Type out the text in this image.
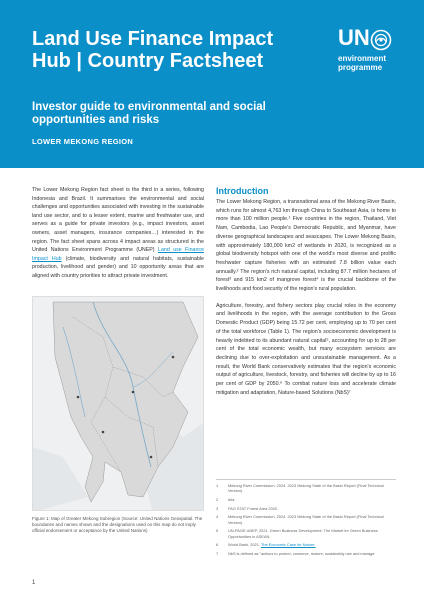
Land Use Finance Impact Hub | Country Factsheet
Investor guide to environmental and social opportunities and risks
LOWER MEKONG REGION
UN
environment programme
The Lower Mekong Region fact sheet is the third in a series, following Indonesia and Brazil. It summarises the environmental and social challenges and opportunities associated with investing in the sustainable land use sector, and to a lesser extent, marine and freshwater use, and serves as a guide for private investors (e.g., impact investors, asset owners, asset managers, insurance companies…) interested in the region. The fact sheet spans across 4 impact areas as structured in the United Nations Environment Programme (UNEP) Land use Finance Impact Hub (climate, biodiversity and natural habitats, sustainable production, livelihood and gender) and 10 opportunity areas that are aligned with country priorities to attract private investment.
Figure 1: Map of Greater Mekong Subregion (Source: United Nations Geospatial. The boundaries and names shown and the designations used on this map do not imply official endorsement or acceptance by the United Nations)
Introduction

The Lower Mekong Region, a transnational area of the Mekong River Basin, which runs for almost 4,763 km through China to Southeast Asia, is home to more than 100 million people.¹ Five countries in the region, Thailand, Viet Nam, Cambodia, Lao People's Democratic Republic, and Myanmar, have diverse geographical landscapes and seascapes. The Lower Mekong Basin, with approximately 180,000 km2 of wetlands in 2020, is recognized as a global biodiversity hotspot with one of the world's most diverse and prolific freshwater capture fisheries with an estimated 7.8 billion value each annually.² The region's rich natural capital, including 87.7 million hectares of forest³ and 915 km2 of mangrove forest⁴ is the crucial backbone of the livelihoods and food security of the region's rural population.

Agriculture, forestry, and fishery sectors play crucial roles in the economy and livelihoods in the region, with the average contribution to the Gross Domestic Product (GDP) being 15.72 per cent, employing up to 70 per cent of the total workforce (Table 1). The region's socioeconomic development is heavily indebted to its abundant natural capital⁵, accounting for up to 28 per cent of the total economic wealth, but many ecosystem services are declining due to over-exploitation and unsustainable management. As a result, the World Bank conservatively estimates that the region's economic output of agriculture, livestock, forestry, and fisheries will decline by up to 16 per cent of GDP by 2050.⁶ To combat nature loss and accelerate climate mitigation and adaptation, Nature-based Solutions (NbS)⁷

1	Mekong River Commission, 2024. 2023 Mekong State of the Basin Report (Final Technical Version)
2	Ibid.
3	FAO STAT Forest Area 2020.
4	Mekong River Commission, 2024. 2023 Mekong State of the Basin Report (Final Technical Version)
5	UN-PAGE UNEP, 2021. Green Business Development: The Market for Green Business Opportunities in ASEAN.
6	World Bank, 2021. The Economic Case for Nature.
7	NbS is defined as "actions to protect, conserve, restore, sustainably use and manage
1
